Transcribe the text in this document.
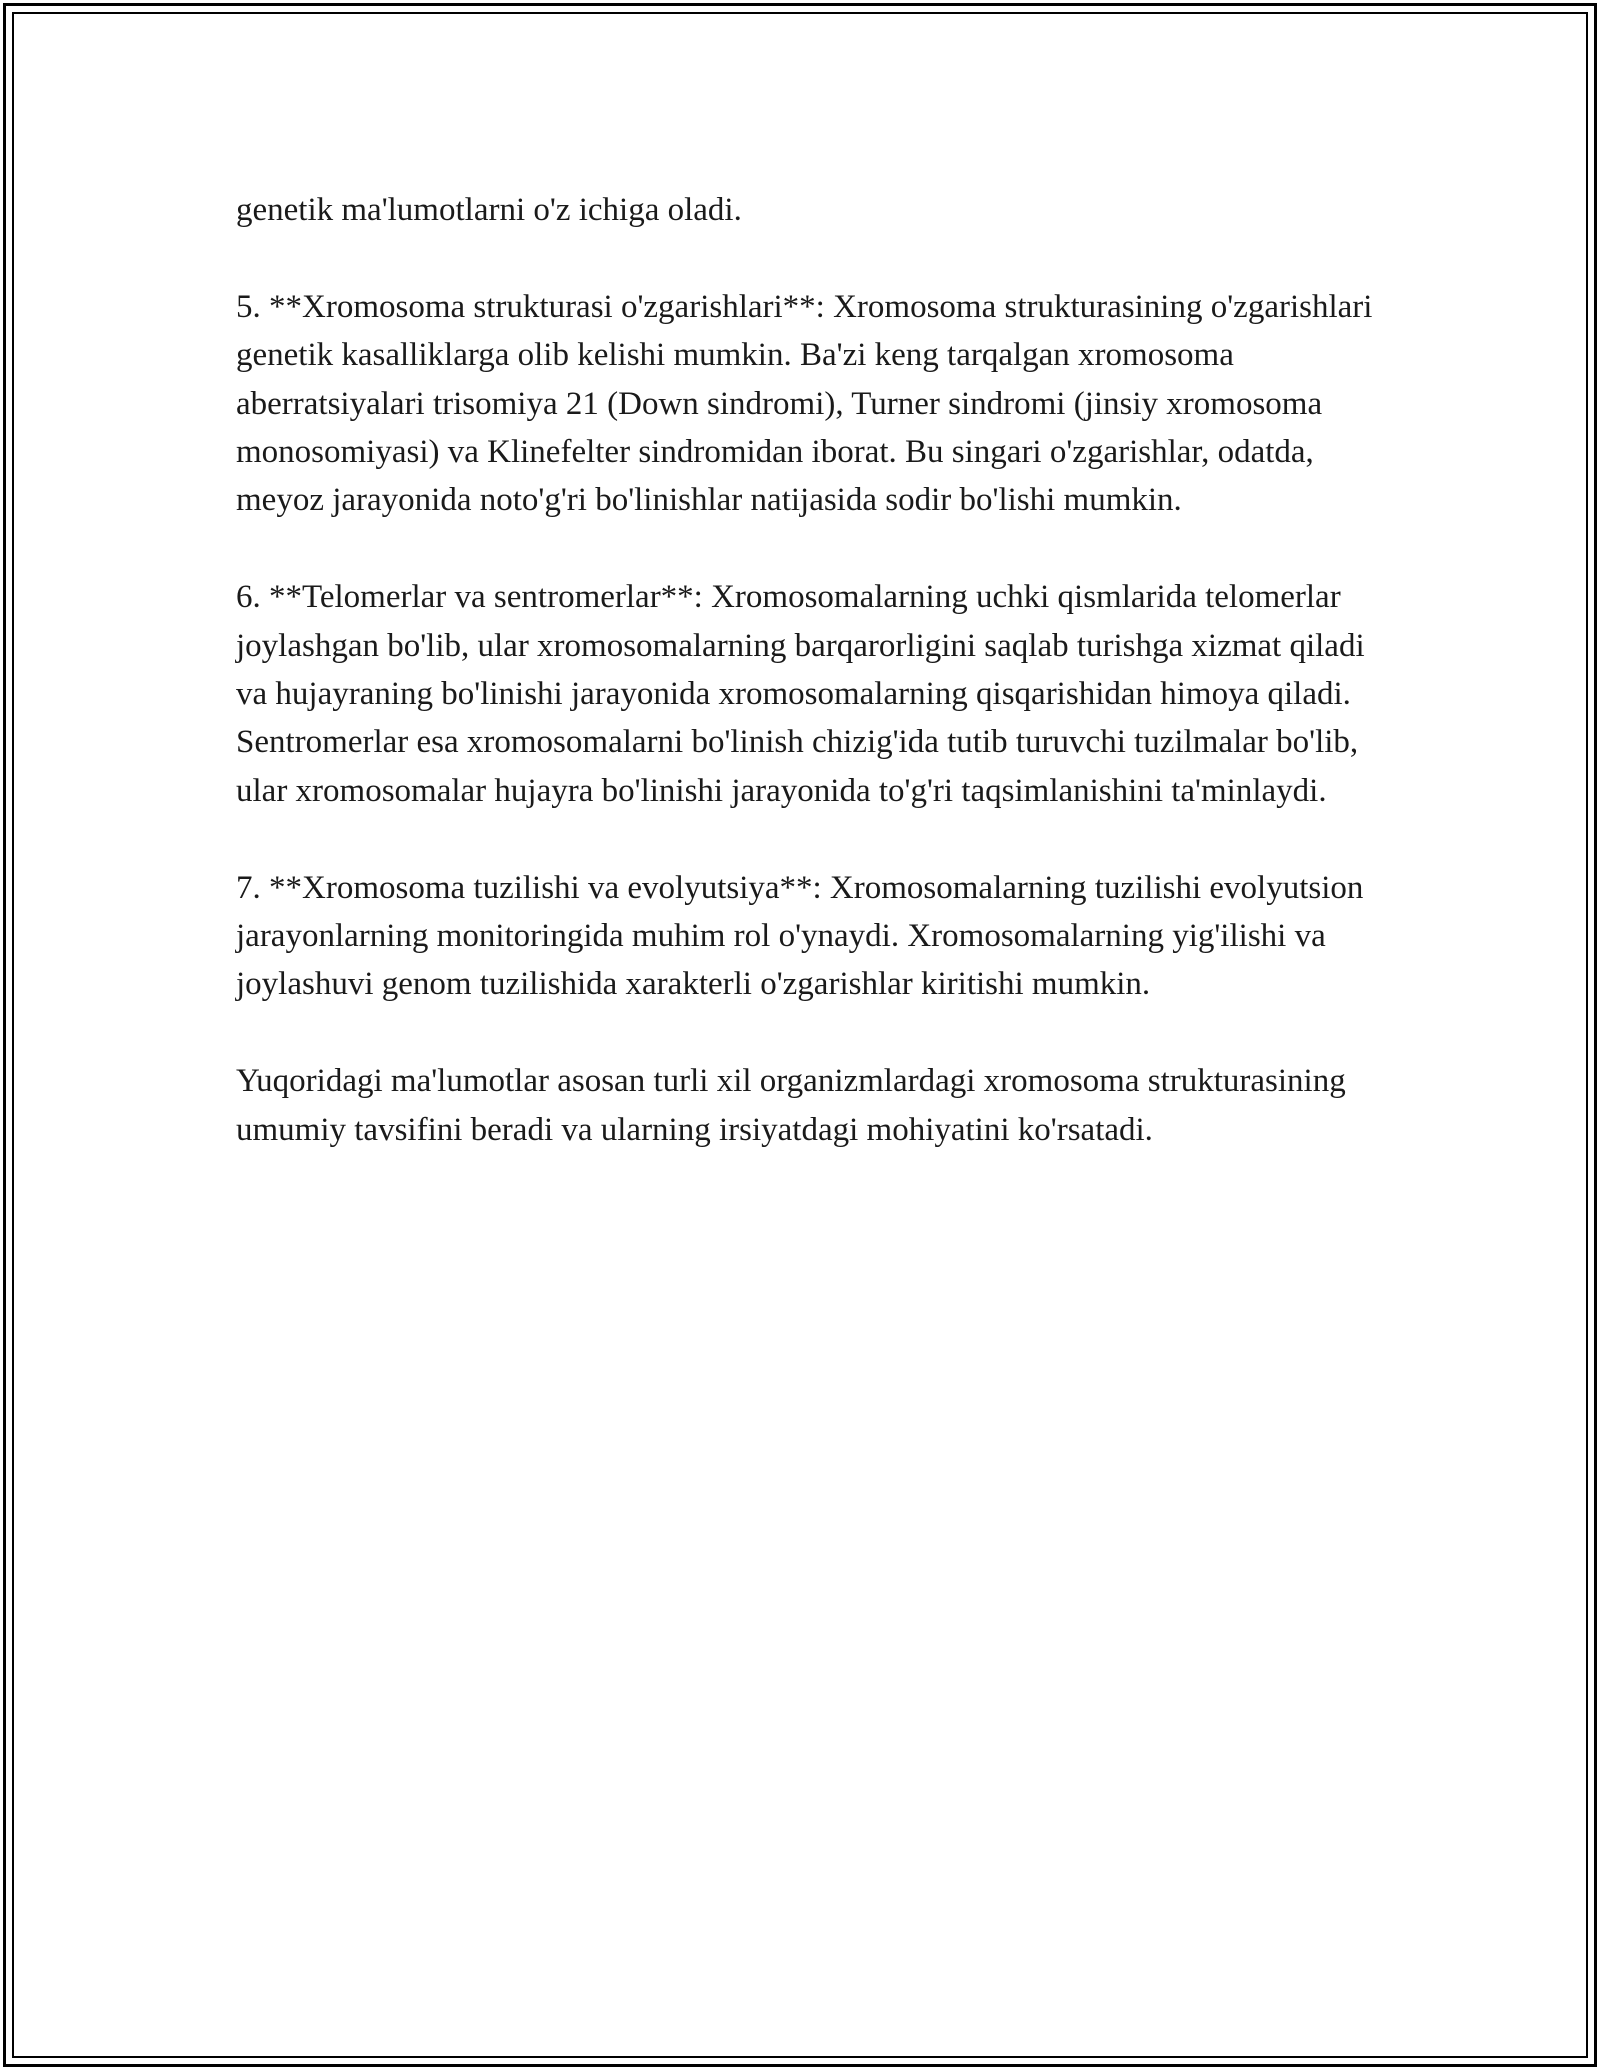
genetik ma'lumotlarni o'z ichiga oladi.

5. **Xromosoma strukturasi o'zgarishlari**: Xromosoma strukturasining o'zgarishlari genetik kasalliklarga olib kelishi mumkin. Ba'zi keng tarqalgan xromosoma aberratsiyalari trisomiya 21 (Down sindromi), Turner sindromi (jinsiy xromosoma monosomiyasi) va Klinefelter sindromidan iborat. Bu singari o'zgarishlar, odatda, meyoz jarayonida noto'g'ri bo'linishlar natijasida sodir bo'lishi mumkin.

6. **Telomerlar va sentromerlar**: Xromosomalarning uchki qismlarida telomerlar joylashgan bo'lib, ular xromosomalarning barqarorligini saqlab turishga xizmat qiladi va hujayraning bo'linishi jarayonida xromosomalarning qisqarishidan himoya qiladi. Sentromerlar esa xromosomalarni bo'linish chizig'ida tutib turuvchi tuzilmalar bo'lib, ular xromosomalar hujayra bo'linishi jarayonida to'g'ri taqsimlanishini ta'minlaydi.

7. **Xromosoma tuzilishi va evolyutsiya**: Xromosomalarning tuzilishi evolyutsion jarayonlarning monitoringida muhim rol o'ynaydi. Xromosomalarning yig'ilishi va joylashuvi genom tuzilishida xarakterli o'zgarishlar kiritishi mumkin.

Yuqoridagi ma'lumotlar asosan turli xil organizmlardagi xromosoma strukturasining umumiy tavsifini beradi va ularning irsiyatdagi mohiyatini ko'rsatadi.
